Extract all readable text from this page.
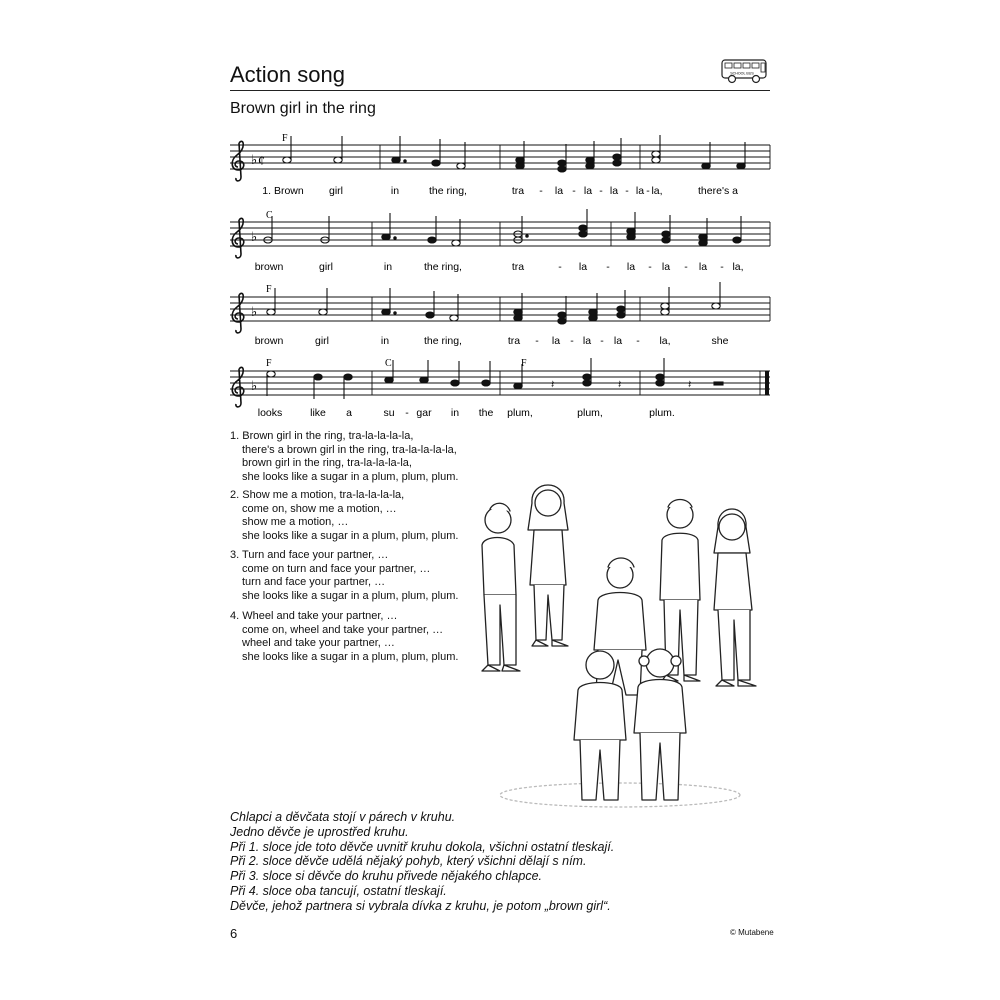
Action song	SCHOOL BUS
Brown girl in the ring
♭ ¢
F
1. Brown girl	in	the ring,	tra - la - la - la - la - la,	there's a
♭
C
brown	girl	in	the ring,	tra	- la - la - la - la - la,
♭
F
brown	girl	in	the ring,	tra - la - la - la - la,	she
♭
F	C	F
𝄽	𝄽	𝄽
looks	like a	su - gar in the plum,	plum,	plum.
1. Brown girl in the ring, tra-la-la-la-la,
there's a brown girl in the ring, tra-la-la-la-la,
brown girl in the ring, tra-la-la-la-la,
she looks like a sugar in a plum, plum, plum.
2. Show me a motion, tra-la-la-la-la,
come on, show me a motion, …
show me a motion, …
she looks like a sugar in a plum, plum, plum.
3. Turn and face your partner, …
come on turn and face your partner, …
turn and face your partner, …
she looks like a sugar in a plum, plum, plum.
4. Wheel and take your partner, …
come on, wheel and take your partner, …
wheel and take your partner, …
she looks like a sugar in a plum, plum, plum.
Chlapci a děvčata stojí v párech v kruhu.
Jedno děvče je uprostřed kruhu.
Při 1. sloce jde toto děvče uvnitř kruhu dokola, všichni ostatní tleskají.
Při 2. sloce děvče udělá nějaký pohyb, který všichni dělají s ním.
Při 3. sloce si děvče do kruhu přivede nějakého chlapce.
Při 4. sloce oba tancují, ostatní tleskají.
Děvče, jehož partnera si vybrala dívka z kruhu, je potom „brown girl“.
6	© Mutabene
